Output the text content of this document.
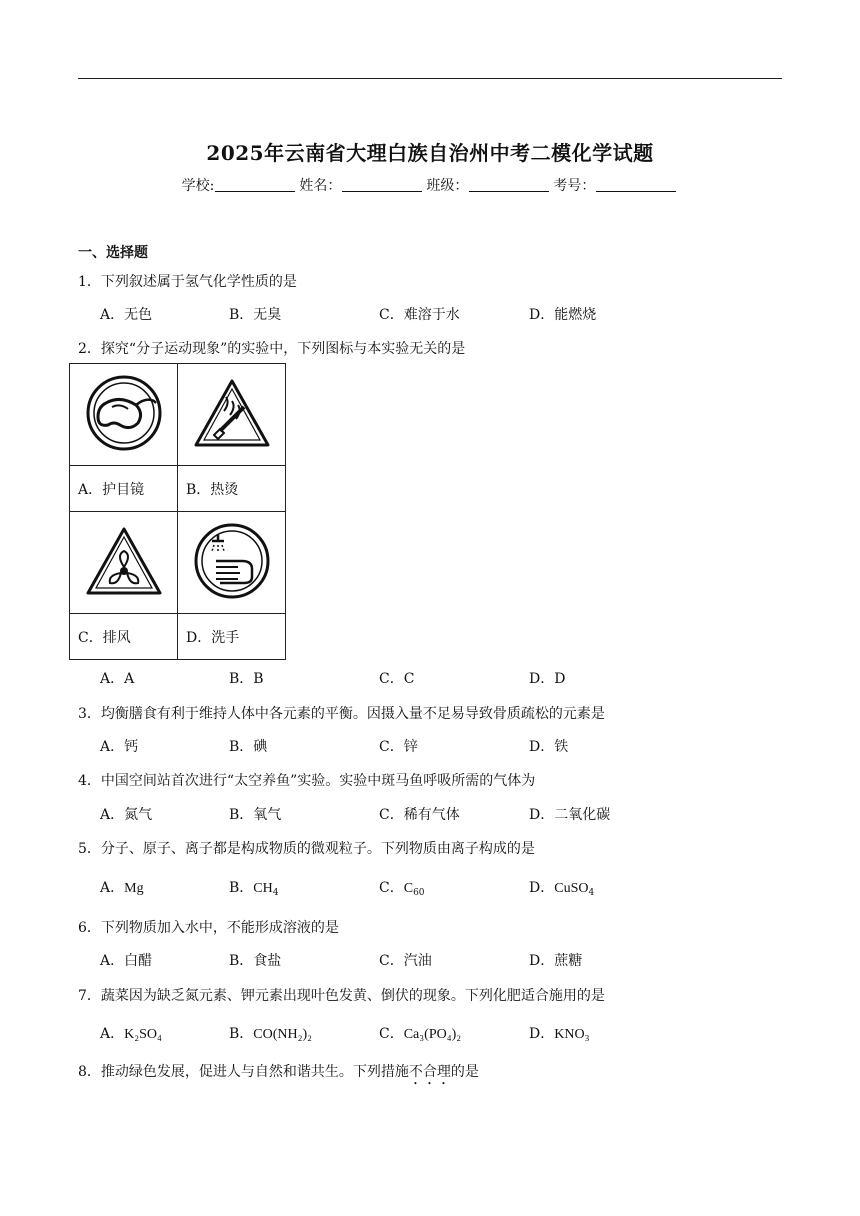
2025年云南省大理白族自治州中考二模化学试题
学校:	姓名：	班级：	考号：
一、选择题
1．下列叙述属于氢气化学性质的是
A．无色	B．无臭	C．难溶于水	D．能燃烧
2．探究“分子运动现象”的实验中，下列图标与本实验无关的是

A．护目镜	B．热烫

C．排风	D．洗手
A．A	B．B	C．C	D．D
3．均衡膳食有利于维持人体中各元素的平衡。因摄入量不足易导致骨质疏松的元素是
A．钙	B．碘	C．锌	D．铁
4．中国空间站首次进行“太空养鱼”实验。实验中斑马鱼呼吸所需的气体为
A．氮气	B．氧气	C．稀有气体	D．二氧化碳
5．分子、原子、离子都是构成物质的微观粒子。下列物质由离子构成的是
A．Mg	B．$CH_4$	C．$C_{60}$	D．CuSO$_4$
6．下列物质加入水中，不能形成溶液的是
A．白醋	B．食盐	C．汽油	D．蔗糖
7．蔬菜因为缺乏氮元素、钾元素出现叶色发黄、倒伏的现象。下列化肥适合施用的是
A．K₂SO₄	B．CO(NH₂)₂	C．Ca₃(PO₄)₂	D．KNO₃
8．推动绿色发展，促进人与自然和谐共生。下列措施不合理的是
